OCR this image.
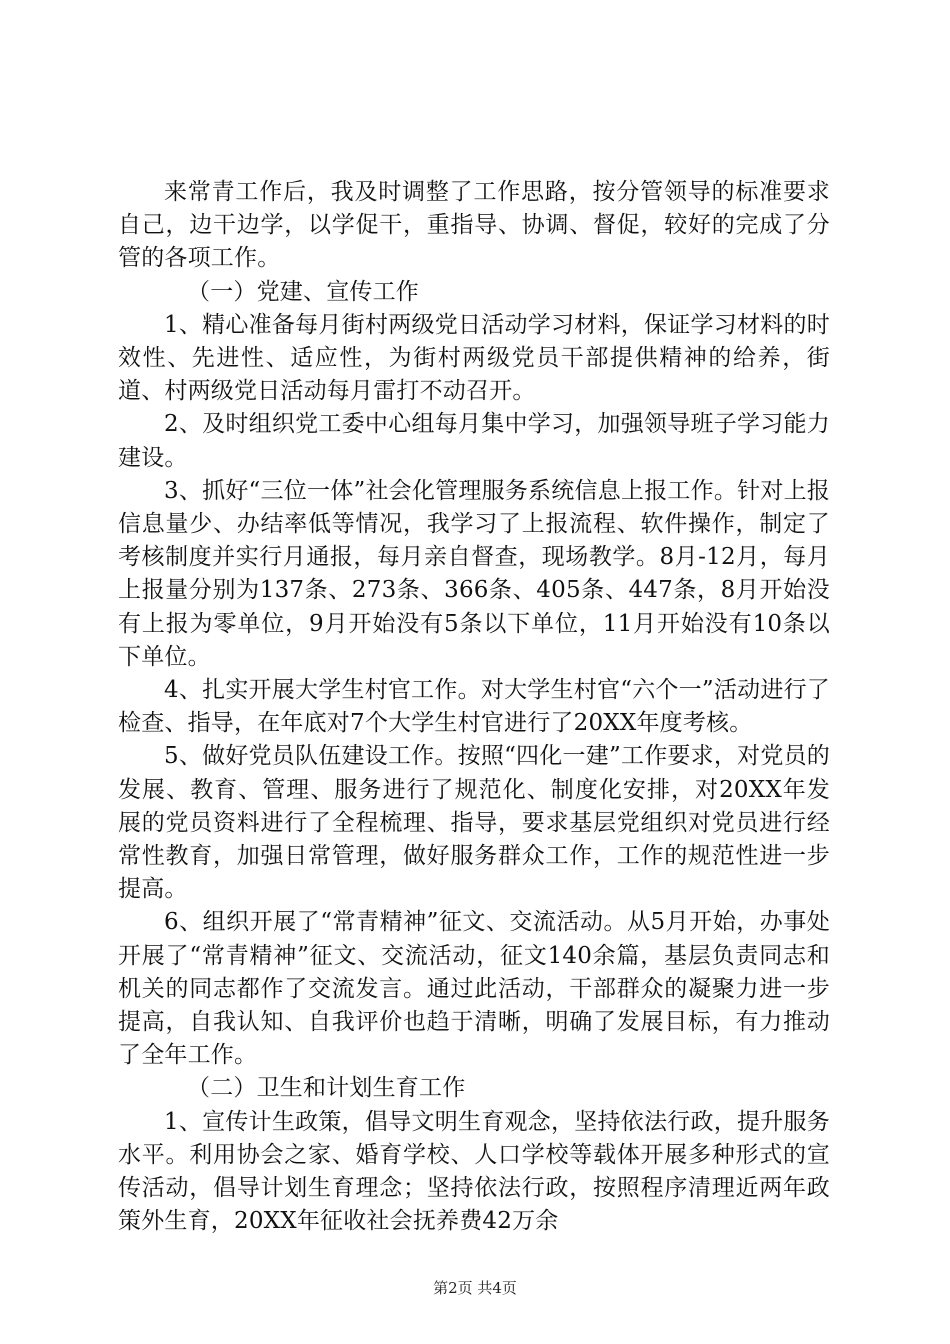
来常青工作后，我及时调整了工作思路，按分管领导的标准要求自己，边干边学，以学促干，重指导、协调、督促，较好的完成了分管的各项工作。

（一）党建、宣传工作

1、精心准备每月街村两级党日活动学习材料，保证学习材料的时效性、先进性、适应性，为街村两级党员干部提供精神的给养，街道、村两级党日活动每月雷打不动召开。

2、及时组织党工委中心组每月集中学习，加强领导班子学习能力建设。

3、抓好“三位一体”社会化管理服务系统信息上报工作。针对上报信息量少、办结率低等情况，我学习了上报流程、软件操作，制定了考核制度并实行月通报，每月亲自督查，现场教学。8月-12月，每月上报量分别为137条、273条、366条、405条、447条，8月开始没有上报为零单位，9月开始没有5条以下单位，11月开始没有10条以下单位。

4、扎实开展大学生村官工作。对大学生村官“六个一”活动进行了检查、指导，在年底对7个大学生村官进行了20XX年度考核。

5、做好党员队伍建设工作。按照“四化一建”工作要求，对党员的发展、教育、管理、服务进行了规范化、制度化安排，对20XX年发展的党员资料进行了全程梳理、指导，要求基层党组织对党员进行经常性教育，加强日常管理，做好服务群众工作，工作的规范性进一步提高。

6、组织开展了“常青精神”征文、交流活动。从5月开始，办事处开展了“常青精神”征文、交流活动，征文140余篇，基层负责同志和机关的同志都作了交流发言。通过此活动，干部群众的凝聚力进一步提高，自我认知、自我评价也趋于清晰，明确了发展目标，有力推动了全年工作。

（二）卫生和计划生育工作

1、宣传计生政策，倡导文明生育观念，坚持依法行政，提升服务水平。利用协会之家、婚育学校、人口学校等载体开展多种形式的宣传活动，倡导计划生育理念；坚持依法行政，按照程序清理近两年政策外生育，20XX年征收社会抚养费42万余

第2页 共4页
